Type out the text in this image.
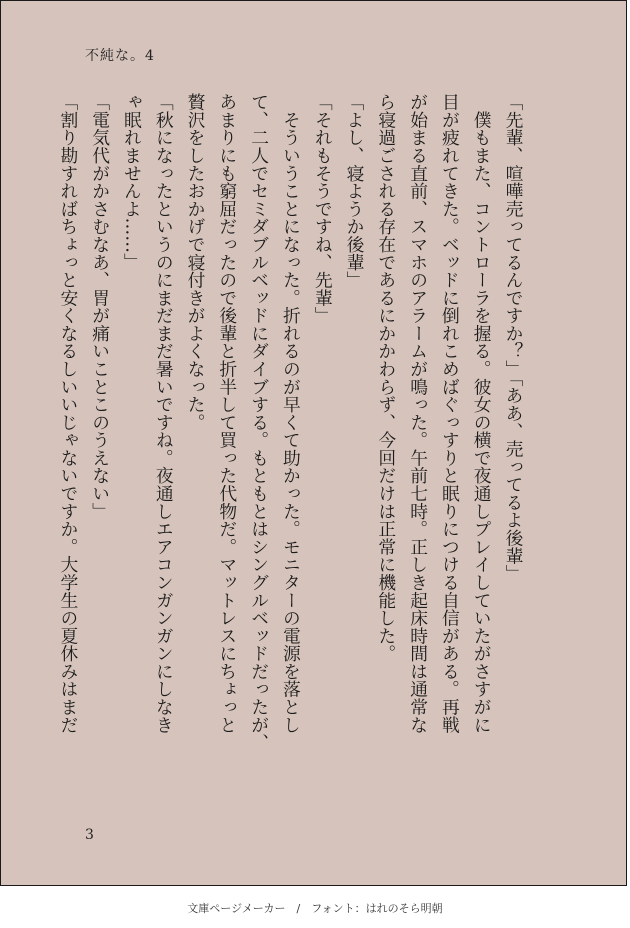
不純な。4
「先輩、喧嘩売ってるんですか？」「ああ、売ってるよ後輩」
　僕もまた、コントローラを握る。彼女の横で夜通しプレイしていたがさすがに
目が疲れてきた。ベッドに倒れこめばぐっすりと眠りにつける自信がある。再戦
が始まる直前、スマホのアラームが鳴った。午前七時。正しき起床時間は通常な
ら寝過ごされる存在であるにかかわらず、今回だけは正常に機能した。
「よし、寝ようか後輩」
「それもそうですね、先輩」
　そういうことになった。折れるのが早くて助かった。モニターの電源を落とし
て、二人でセミダブルベッドにダイブする。もともとはシングルベッドだったが、
あまりにも窮屈だったので後輩と折半して買った代物だ。マットレスにちょっと
贅沢をしたおかげで寝付きがよくなった。
「秋になったというのにまだまだ暑いですね。夜通しエアコンガンガンにしなき
ゃ眠れませんよ……」
「電気代がかさむなあ、胃が痛いことこのうえない」
「割り勘すればちょっと安くなるしいいじゃないですか。大学生の夏休みはまだ
3
文庫ページメーカー　/　フォント：はれのそら明朝
